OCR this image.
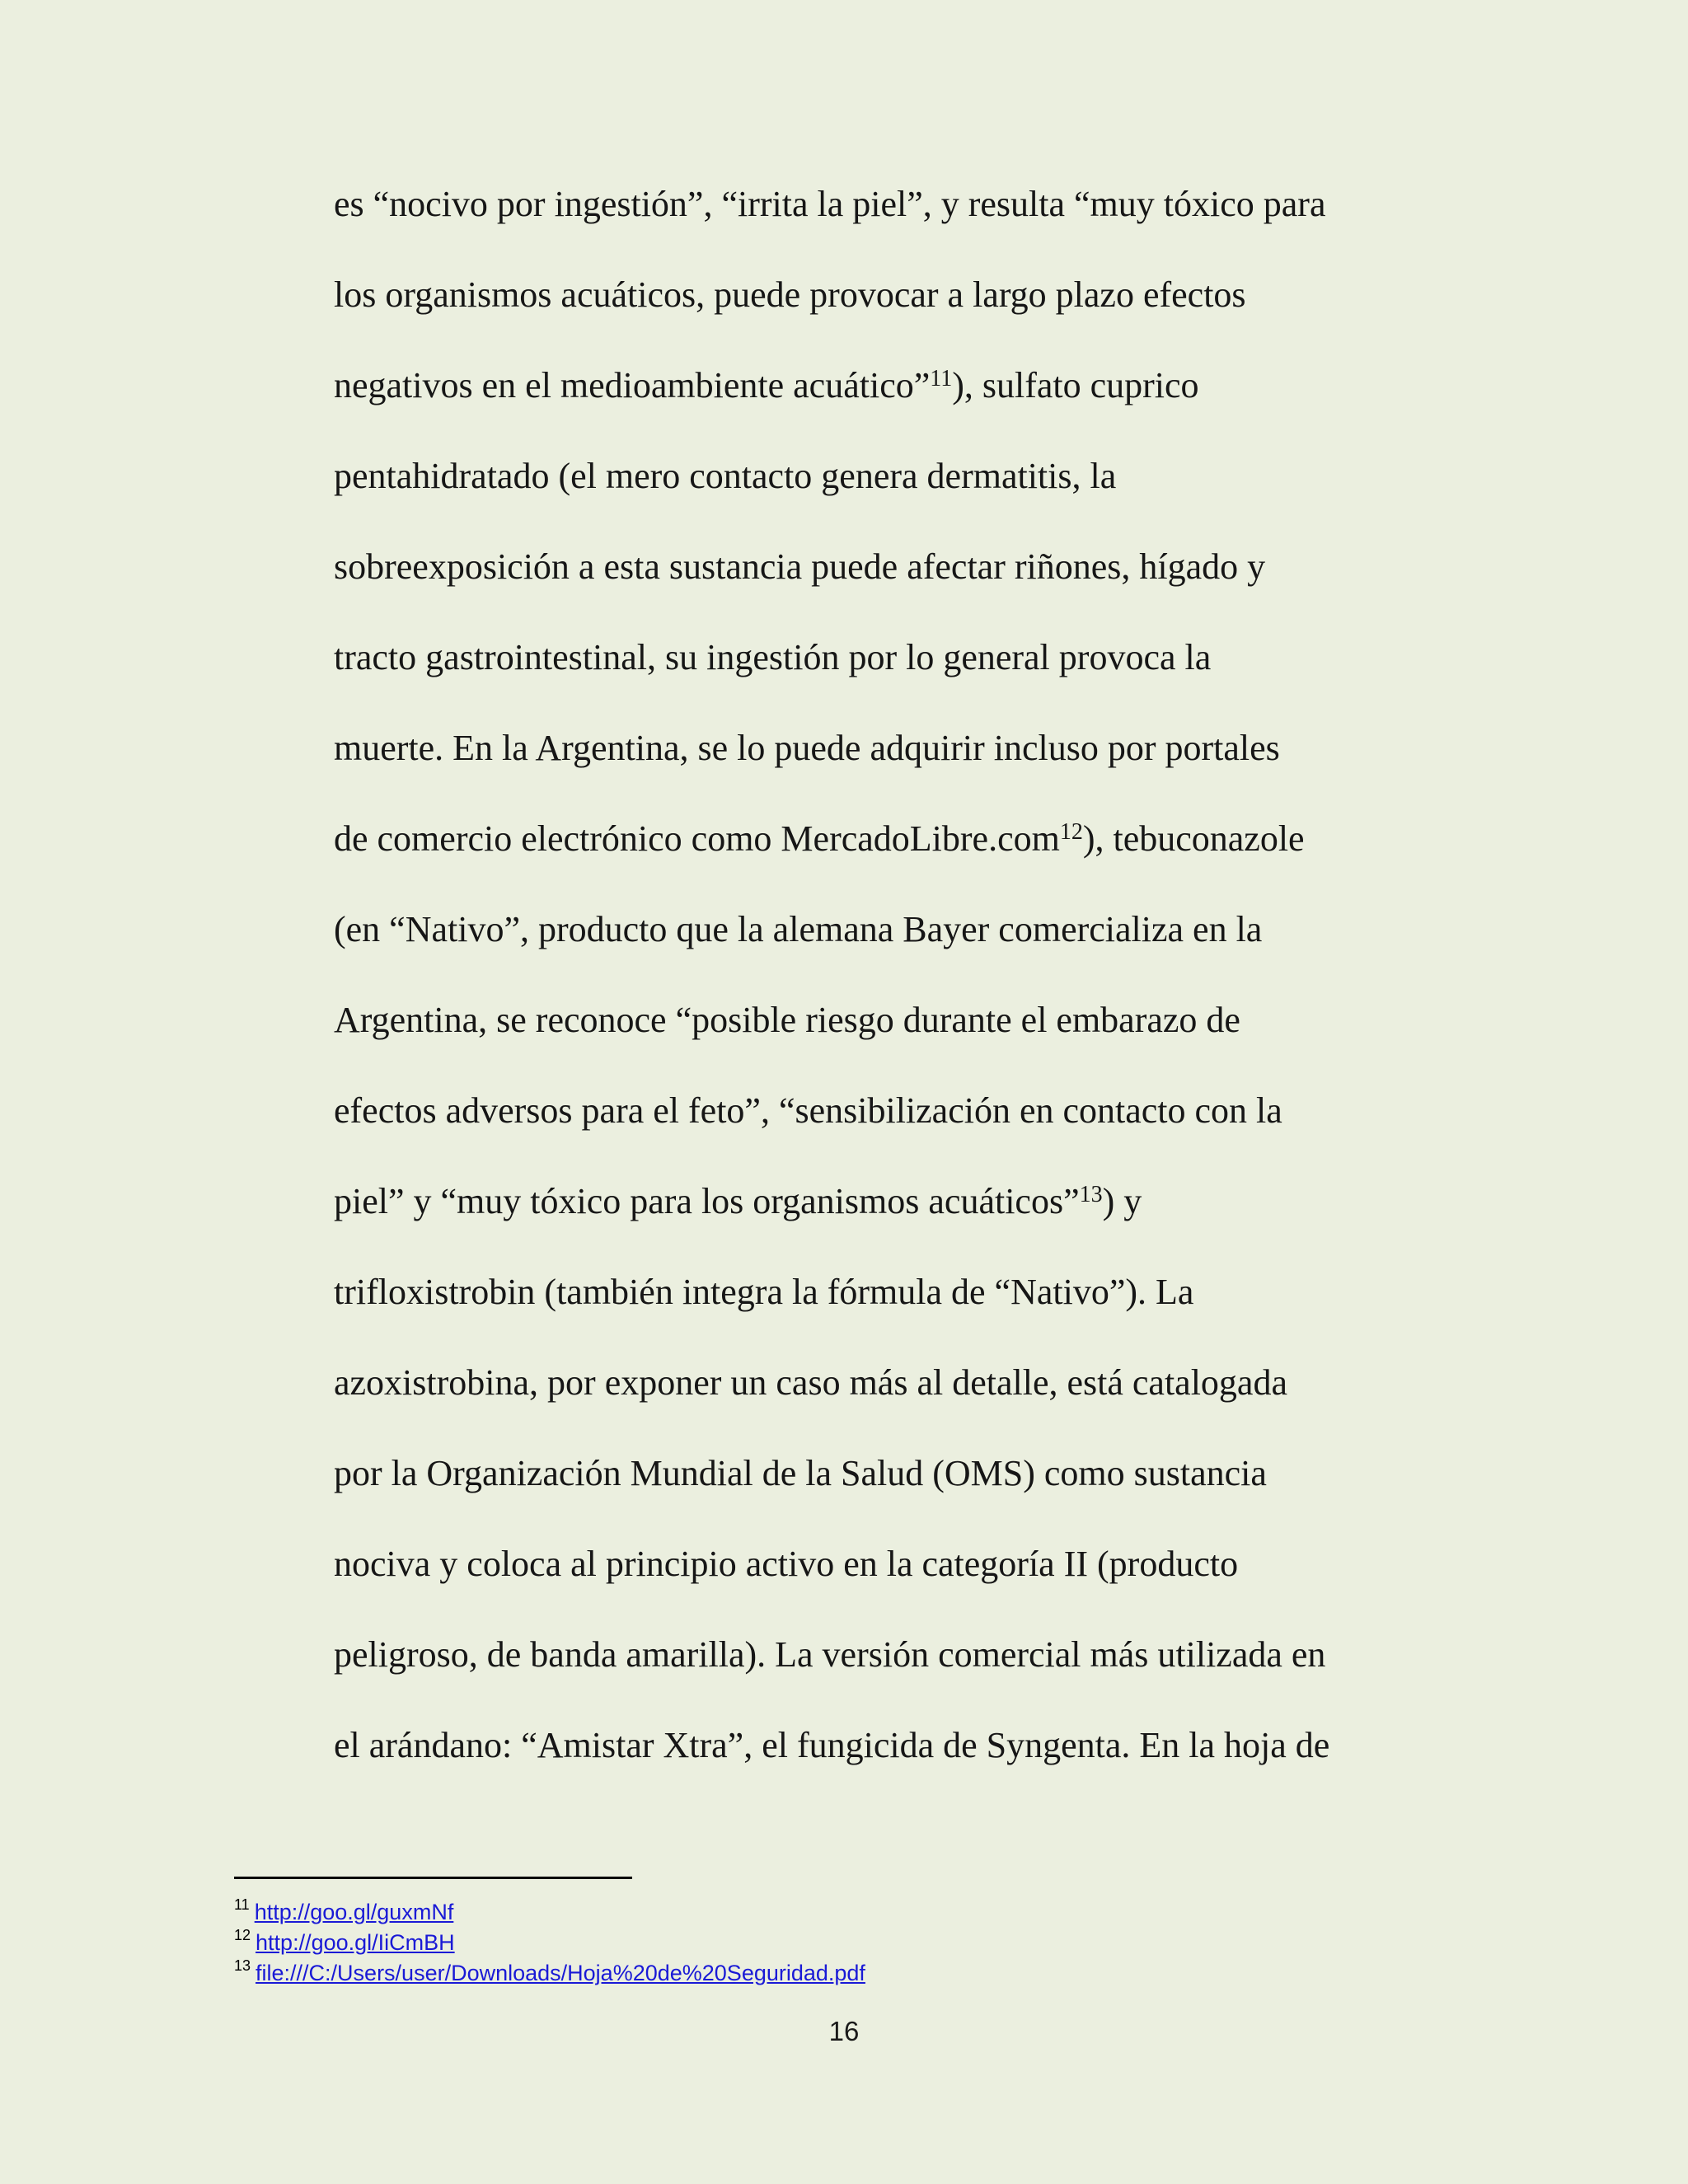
es “nocivo por ingestión”, “irrita la piel”, y resulta “muy tóxico para
los organismos acuáticos, puede provocar a largo plazo efectos
negativos en el medioambiente acuático”$^{11}$), sulfato cuprico
pentahidratado (el mero contacto genera dermatitis, la
sobreexposición a esta sustancia puede afectar riñones, hígado y
tracto gastrointestinal, su ingestión por lo general provoca la
muerte. En la Argentina, se lo puede adquirir incluso por portales
de comercio electrónico como MercadoLibre.com$^{12}$), tebuconazole
(en “Nativo”, producto que la alemana Bayer comercializa en la
Argentina, se reconoce “posible riesgo durante el embarazo de
efectos adversos para el feto”, “sensibilización en contacto con la
piel” y “muy tóxico para los organismos acuáticos”$^{13}$) y
trifloxistrobin (también integra la fórmula de “Nativo”). La
azoxistrobina, por exponer un caso más al detalle, está catalogada
por la Organización Mundial de la Salud (OMS) como sustancia
nociva y coloca al principio activo en la categoría II (producto
peligroso, de banda amarilla). La versión comercial más utilizada en
el arándano: “Amistar Xtra”, el fungicida de Syngenta. En la hoja de
$^{11}$ http://goo.gl/guxmNf
$^{12}$ http://goo.gl/IiCmBH
$^{13}$ file:///C:/Users/user/Downloads/Hoja%20de%20Seguridad.pdf
16
